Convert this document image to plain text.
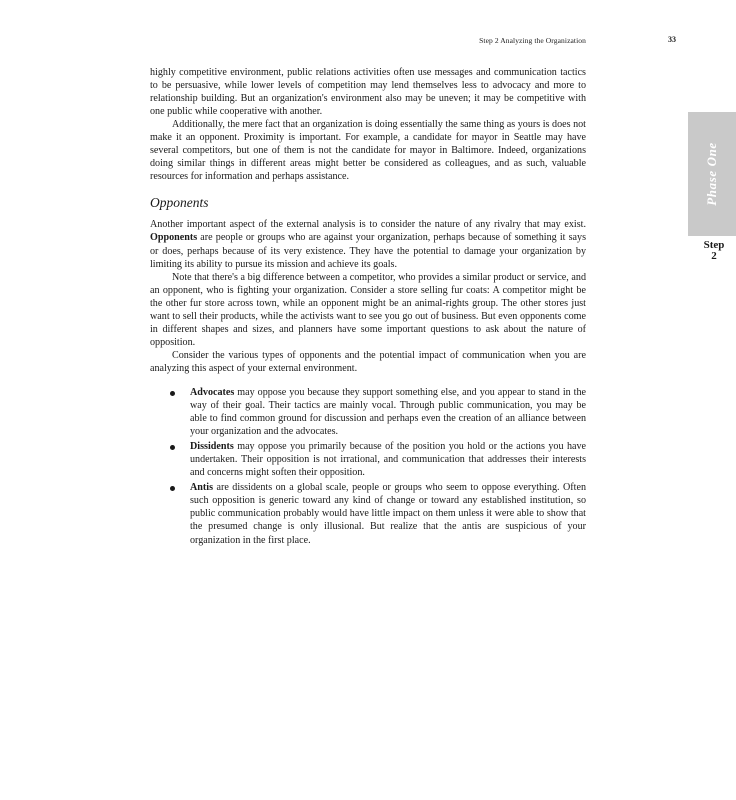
Step 2 Analyzing the Organization	33
Phase One
Step
2

highly competitive environment, public relations activities often use messages and communication tactics to be persuasive, while lower levels of competition may lend themselves less to advocacy and more to relationship building. But an organization's environment also may be uneven; it may be competitive with one public while cooperative with another.

Additionally, the mere fact that an organization is doing essentially the same thing as yours is does not make it an opponent. Proximity is important. For example, a candidate for mayor in Seattle may have several competitors, but one of them is not the candidate for mayor in Baltimore. Indeed, organizations doing similar things in different areas might better be considered as colleagues, and as such, valuable resources for information and perhaps assistance.

Opponents

Another important aspect of the external analysis is to consider the nature of any rivalry that may exist. Opponents are people or groups who are against your organization, perhaps because of something it says or does, perhaps because of its very existence. They have the potential to damage your organization by limiting its ability to pursue its mission and achieve its goals.

Note that there's a big difference between a competitor, who provides a similar product or service, and an opponent, who is fighting your organization. Consider a store selling fur coats: A competitor might be the other fur store across town, while an opponent might be an animal-rights group. The other stores just want to sell their products, while the activists want to see you go out of business. But even opponents come in different shapes and sizes, and planners have some important questions to ask about the nature of opposition.

Consider the various types of opponents and the potential impact of communication when you are analyzing this aspect of your external environment.

Advocates may oppose you because they support something else, and you appear to stand in the way of their goal. Their tactics are mainly vocal. Through public communication, you may be able to find common ground for discussion and perhaps even the creation of an alliance between your organization and the advocates.
Dissidents may oppose you primarily because of the position you hold or the actions you have undertaken. Their opposition is not irrational, and communication that addresses their interests and concerns might soften their opposition.
Antis are dissidents on a global scale, people or groups who seem to oppose everything. Often such opposition is generic toward any kind of change or toward any established institution, so public communication probably would have little impact on them unless it were able to show that the presumed change is only illusional. But realize that the antis are suspicious of your organization in the first place.
